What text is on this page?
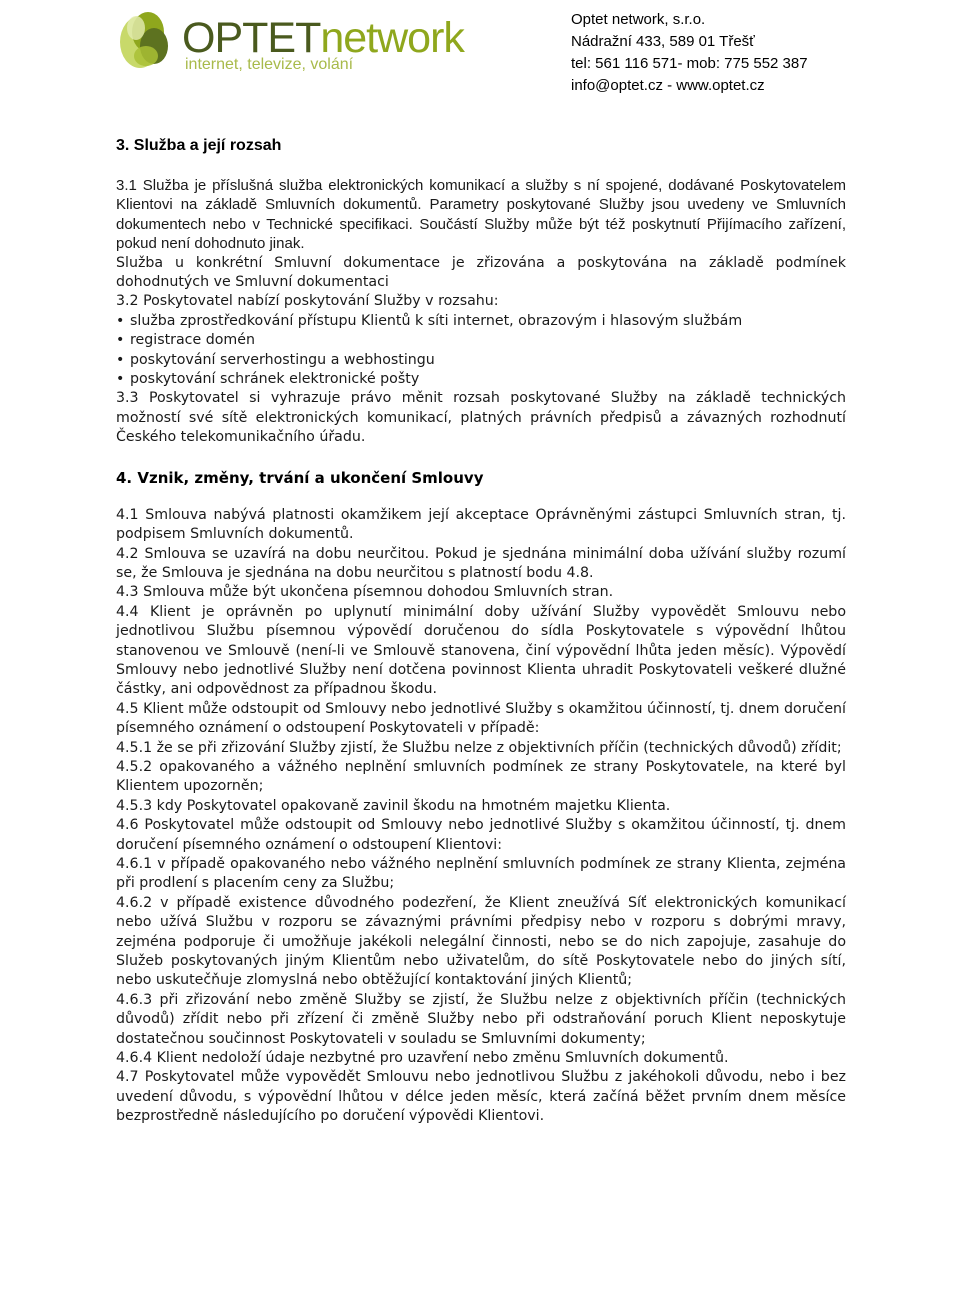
OPTETnetwork
internet, televize, volání
Optet network, s.r.o.
Nádražní 433, 589 01 Třešť
tel: 561 116 571- mob: 775 552 387
info@optet.cz - www.optet.cz
3. Služba a její rozsah

3.1 Služba je příslušná služba elektronických komunikací a služby s ní spojené, dodávané Poskytovatelem Klientovi na základě Smluvních dokumentů. Parametry poskytované Služby jsou uvedeny ve Smluvních dokumentech nebo v Technické specifikaci. Součástí Služby může být též poskytnutí Přijímacího zařízení, pokud není dohodnuto jinak.

Služba u konkrétní Smluvní dokumentace je zřizována a poskytována na základě podmínek dohodnutých ve Smluvní dokumentaci

3.2 Poskytovatel nabízí poskytování Služby v rozsahu:

• služba zprostředkování přístupu Klientů k síti internet, obrazovým i hlasovým službám
• registrace domén
• poskytování serverhostingu a webhostingu
• poskytování schránek elektronické pošty

3.3 Poskytovatel si vyhrazuje právo měnit rozsah poskytované Služby na základě technických možností své sítě elektronických komunikací, platných právních předpisů a závazných rozhodnutí Českého telekomunikačního úřadu.

4. Vznik, změny, trvání a ukončení Smlouvy

4.1 Smlouva nabývá platnosti okamžikem její akceptace Oprávněnými zástupci Smluvních stran, tj. podpisem Smluvních dokumentů.

4.2 Smlouva se uzavírá na dobu neurčitou. Pokud je sjednána minimální doba užívání služby rozumí se, že Smlouva je sjednána na dobu neurčitou s platností bodu 4.8.

4.3 Smlouva může být ukončena písemnou dohodou Smluvních stran.

4.4 Klient je oprávněn po uplynutí minimální doby užívání Služby vypovědět Smlouvu nebo jednotlivou Službu písemnou výpovědí doručenou do sídla Poskytovatele s výpovědní lhůtou stanovenou ve Smlouvě (není-li ve Smlouvě stanovena, činí výpovědní lhůta jeden měsíc). Výpovědí Smlouvy nebo jednotlivé Služby není dotčena povinnost Klienta uhradit Poskytovateli veškeré dlužné částky, ani odpovědnost za případnou škodu.

4.5 Klient může odstoupit od Smlouvy nebo jednotlivé Služby s okamžitou účinností, tj. dnem doručení písemného oznámení o odstoupení Poskytovateli v případě:

4.5.1 že se při zřizování Služby zjistí, že Službu nelze z objektivních příčin (technických důvodů) zřídit;

4.5.2 opakovaného a vážného neplnění smluvních podmínek ze strany Poskytovatele, na které byl Klientem upozorněn;

4.5.3 kdy Poskytovatel opakovaně zavinil škodu na hmotném majetku Klienta.

4.6 Poskytovatel může odstoupit od Smlouvy nebo jednotlivé Služby s okamžitou účinností, tj. dnem doručení písemného oznámení o odstoupení Klientovi:

4.6.1 v případě opakovaného nebo vážného neplnění smluvních podmínek ze strany Klienta, zejména při prodlení s placením ceny za Službu;

4.6.2 v případě existence důvodného podezření, že Klient zneužívá Síť elektronických komunikací nebo užívá Službu v rozporu se závaznými právními předpisy nebo v rozporu s dobrými mravy, zejména podporuje či umožňuje jakékoli nelegální činnosti, nebo se do nich zapojuje, zasahuje do Služeb poskytovaných jiným Klientům nebo uživatelům, do sítě Poskytovatele nebo do jiných sítí, nebo uskutečňuje zlomyslná nebo obtěžující kontaktování jiných Klientů;

4.6.3 při zřizování nebo změně Služby se zjistí, že Službu nelze z objektivních příčin (technických důvodů) zřídit nebo při zřízení či změně Služby nebo při odstraňování poruch Klient neposkytuje dostatečnou součinnost Poskytovateli v souladu se Smluvními dokumenty;

4.6.4 Klient nedoloží údaje nezbytné pro uzavření nebo změnu Smluvních dokumentů.

4.7 Poskytovatel může vypovědět Smlouvu nebo jednotlivou Službu z jakéhokoli důvodu, nebo i bez uvedení důvodu, s výpovědní lhůtou v délce jeden měsíc, která začíná běžet prvním dnem měsíce bezprostředně následujícího po doručení výpovědi Klientovi.
